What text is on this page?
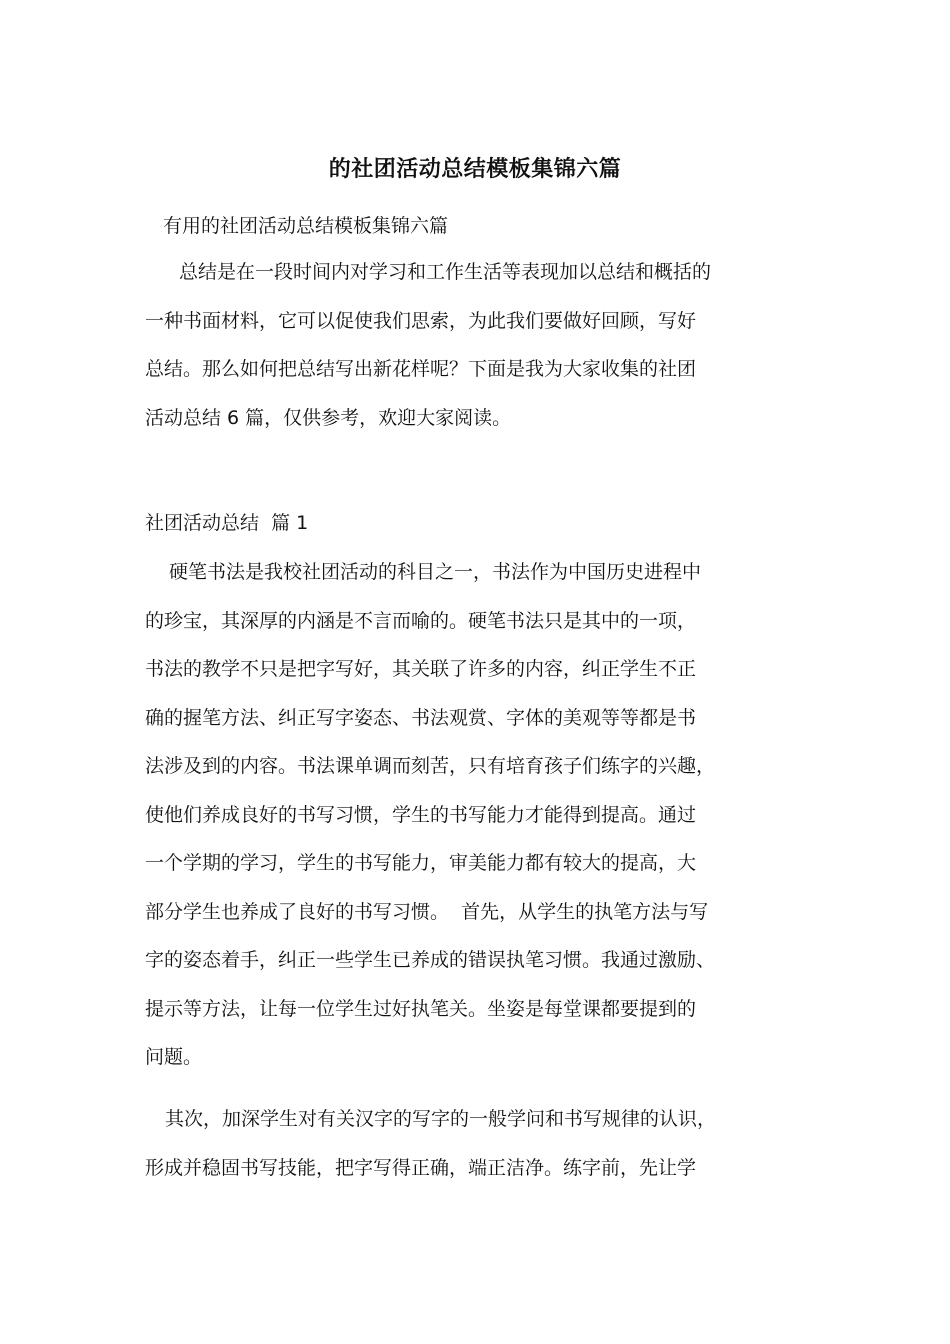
的社团活动总结模板集锦六篇
有用的社团活动总结模板集锦六篇
总结是在一段时间内对学习和工作生活等表现加以总结和概括的
一种书面材料，它可以促使我们思索，为此我们要做好回顾，写好
总结。那么如何把总结写出新花样呢？下面是我为大家收集的社团
活动总结 6 篇，仅供参考，欢迎大家阅读。
社团活动总结  篇 1
硬笔书法是我校社团活动的科目之一，书法作为中国历史进程中
的珍宝，其深厚的内涵是不言而喻的。硬笔书法只是其中的一项，
书法的教学不只是把字写好，其关联了许多的内容，纠正学生不正
确的握笔方法、纠正写字姿态、书法观赏、字体的美观等等都是书
法涉及到的内容。书法课单调而刻苦，只有培育孩子们练字的兴趣，
使他们养成良好的书写习惯，学生的书写能力才能得到提高。通过
一个学期的学习，学生的书写能力，审美能力都有较大的提高，大
部分学生也养成了良好的书写习惯。  首先，从学生的执笔方法与写
字的姿态着手，纠正一些学生已养成的错误执笔习惯。我通过激励、
提示等方法，让每一位学生过好执笔关。坐姿是每堂课都要提到的
问题。
其次，加深学生对有关汉字的写字的一般学问和书写规律的认识，
形成并稳固书写技能，把字写得正确，端正洁净。练字前，先让学
